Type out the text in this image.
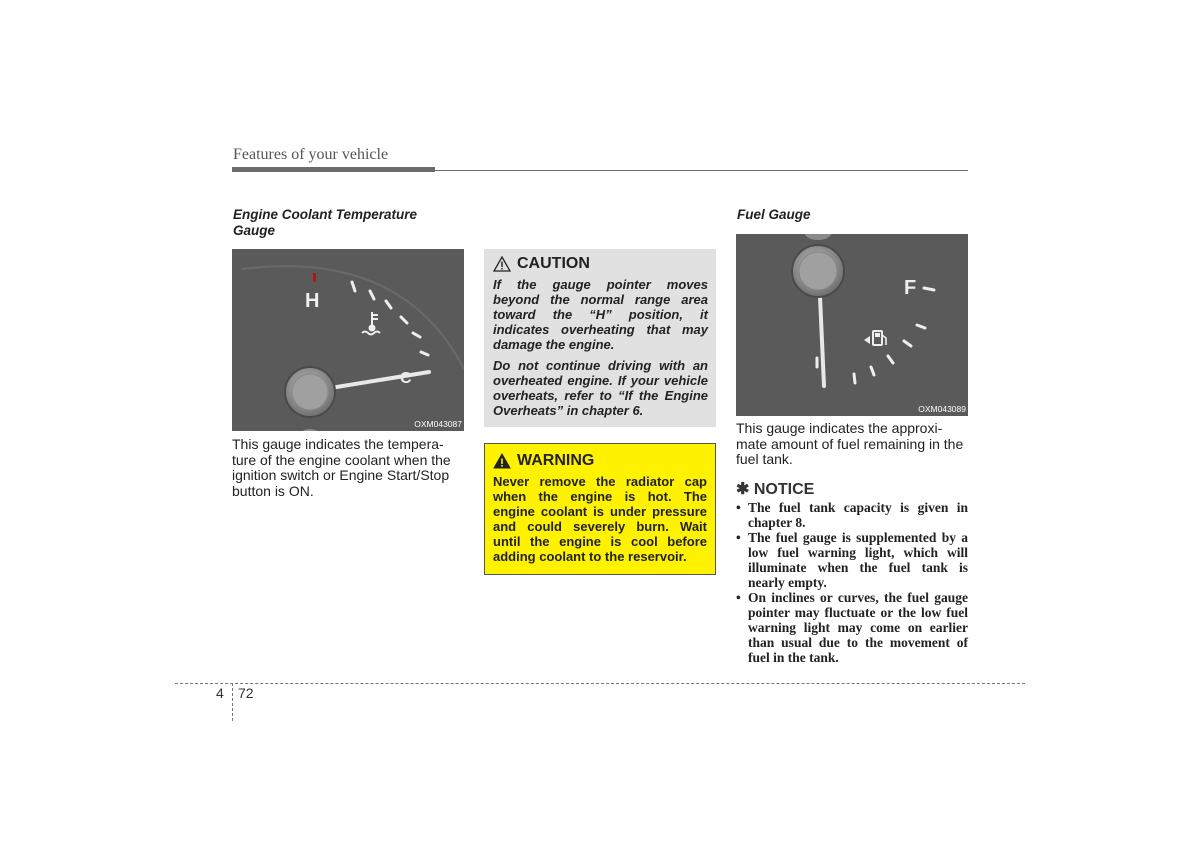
Features of your vehicle
Engine Coolant Temperature
Gauge
H
C
OXM043087
This gauge indicates the tempera-
ture of the engine coolant when the
ignition switch or Engine Start/Stop
button is ON.
CAUTION

If the gauge pointer moves beyond the normal range area toward the “H” position, it indicates overheating that may damage the engine.

Do not continue driving with an overheated engine. If your vehicle overheats, refer to “If the Engine Overheats” in chapter 6.

WARNING

Never remove the radiator cap when the engine is hot. The engine coolant is under pressure and could severely burn. Wait until the engine is cool before adding coolant to the reservoir.

Fuel Gauge
F
OXM043089
This gauge indicates the approxi-
mate amount of fuel remaining in the
fuel tank.
✱ NOTICE
• The fuel tank capacity is given in chapter 8.
• The fuel gauge is supplemented by a low fuel warning light, which will illuminate when the fuel tank is nearly empty.
• On inclines or curves, the fuel gauge pointer may fluctuate or the low fuel warning light may come on earlier than usual due to the movement of fuel in the tank.
4 72
